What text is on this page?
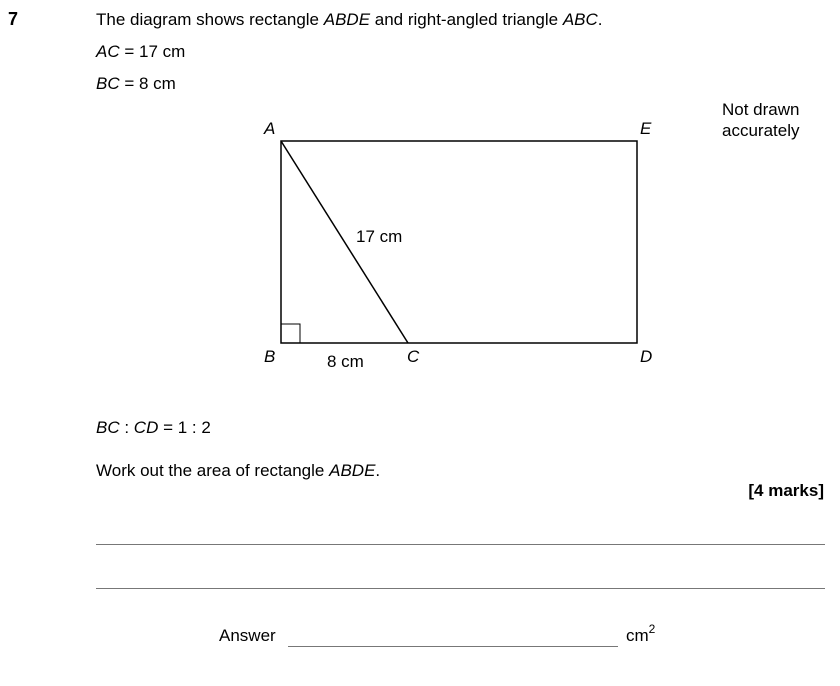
7	The diagram shows rectangle ABDE and right-angled triangle ABC.
AC = 17 cm
BC = 8 cm
Not drawn
accurately
A	E
B	C	D
17 cm
8 cm
BC : CD = 1 : 2
Work out the area of rectangle ABDE.
[4 marks]
Answer	$cm^2$
